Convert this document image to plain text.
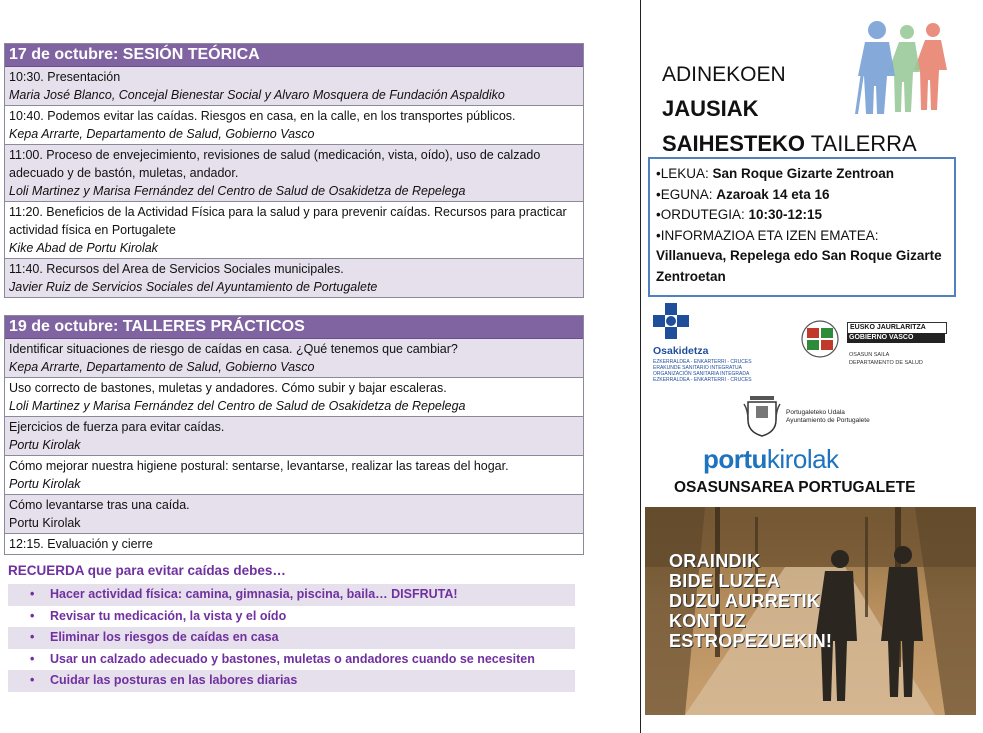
17 de octubre: SESIÓN TEÓRICA
10:30. Presentación
Maria José Blanco, Concejal Bienestar Social y Alvaro Mosquera de Fundación Aspaldiko
10:40. Podemos evitar las caídas. Riesgos en casa, en la calle, en los transportes públicos.
Kepa Arrarte, Departamento de Salud, Gobierno Vasco
11:00. Proceso de envejecimiento, revisiones de salud (medicación, vista, oído), uso de calzado adecuado y de bastón, muletas, andador.
Loli Martinez y Marisa Fernández del Centro de Salud de Osakidetza de Repelega
11:20. Beneficios de la Actividad Física para la salud y para prevenir caídas. Recursos para practicar actividad física en Portugalete
Kike Abad de Portu Kirolak
11:40. Recursos del Area de Servicios Sociales municipales.
Javier Ruiz de Servicios Sociales del Ayuntamiento de Portugalete
19 de octubre: TALLERES PRÁCTICOS
Identificar situaciones de riesgo de caídas en casa. ¿Qué tenemos que cambiar?
Kepa Arrarte, Departamento de Salud, Gobierno Vasco
Uso correcto de bastones, muletas y andadores. Cómo subir y bajar escaleras.
Loli Martinez y Marisa Fernández del Centro de Salud de Osakidetza de Repelega
Ejercicios de fuerza para evitar caídas.
Portu Kirolak
Cómo mejorar nuestra higiene postural: sentarse, levantarse, realizar las tareas del hogar.
Portu Kirolak
Cómo levantarse tras una caída.
Portu Kirolak
12:15. Evaluación y cierre
RECUERDA que para evitar caídas debes…
• Hacer actividad física: camina, gimnasia, piscina, baila… DISFRUTA!
• Revisar tu medicación, la vista y el oído
• Eliminar los riesgos de caídas en casa
• Usar un calzado adecuado y bastones, muletas o andadores cuando se necesiten
• Cuidar las posturas en las labores diarias
ADINEKOEN
JAUSIAK
SAIHESTEKO TAILERRA
•LEKUA: San Roque Gizarte Zentroan
•EGUNA: Azaroak 14 eta 16
•ORDUTEGIA: 10:30-12:15
•INFORMAZIOA ETA IZEN EMATEA:
Villanueva, Repelega edo San Roque Gizarte Zentroetan
Osakidetza
EZKERRALDEA - ENKARTERRI - CRUCES
ERAKUNDE SANITARIO INTEGRATUA
ORGANIZACIÓN SANITARIA INTEGRADA
EZKERRALDEA - ENKARTERRI - CRUCES
EUSKO JAURLARITZA
GOBIERNO VASCO
OSASUN SAILA
DEPARTAMENTO DE SALUD
Portugaleteko Udala
Ayuntamiento de Portugalete
portukirolak
OSASUNSAREA PORTUGALETE
ORAINDIK
BIDE LUZEA
DUZU AURRETIK
KONTUZ
ESTROPEZUEKIN!
